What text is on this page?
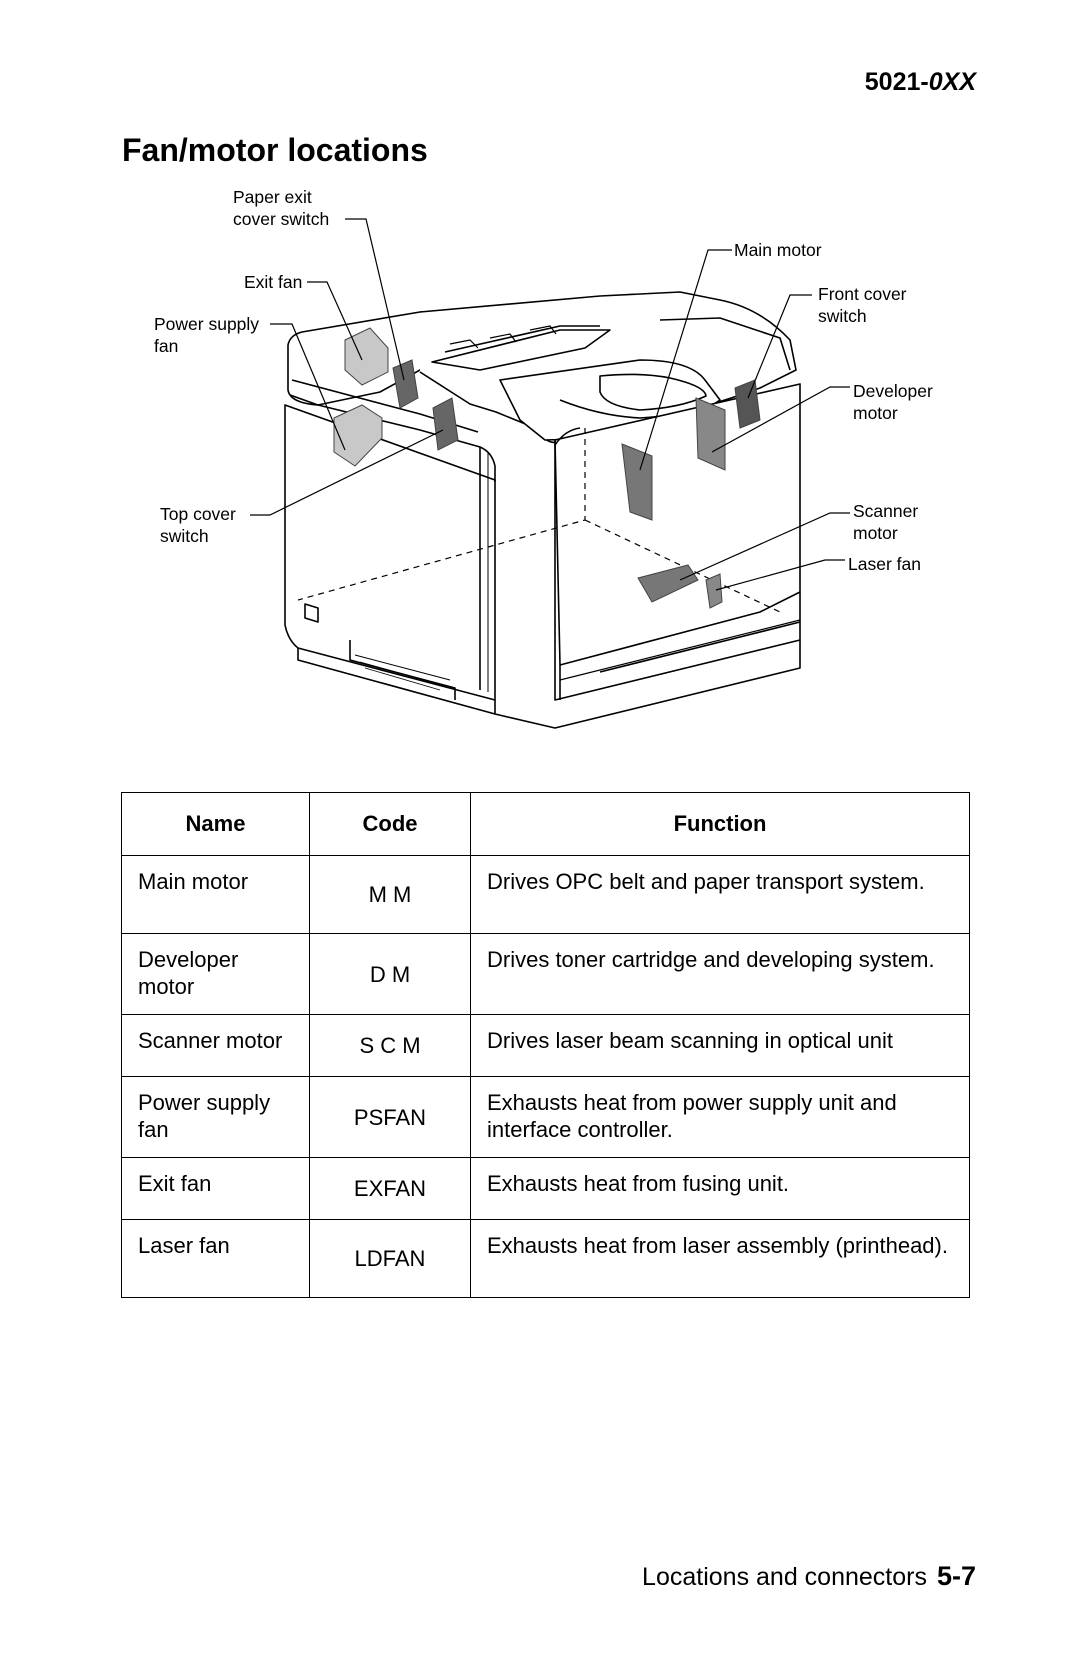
5021-0XX
Fan/motor locations
Paper exit
cover switch
Exit fan
Power supply
fan
Top cover
switch
Main motor
Front cover
switch
Developer
motor
Scanner
motor
Laser fan
Name	Code	Function
Main motor	M M	Drives OPC belt and paper transport system.
Developer motor	D M	Drives toner cartridge and developing system.
Scanner motor	S C M	Drives laser beam scanning in optical unit
Power supply fan	PSFAN	Exhausts heat from power supply unit and interface controller.
Exit fan	EXFAN	Exhausts heat from fusing unit.
Laser fan	LDFAN	Exhausts heat from laser assembly (printhead).
Locations and connectors 5-7
